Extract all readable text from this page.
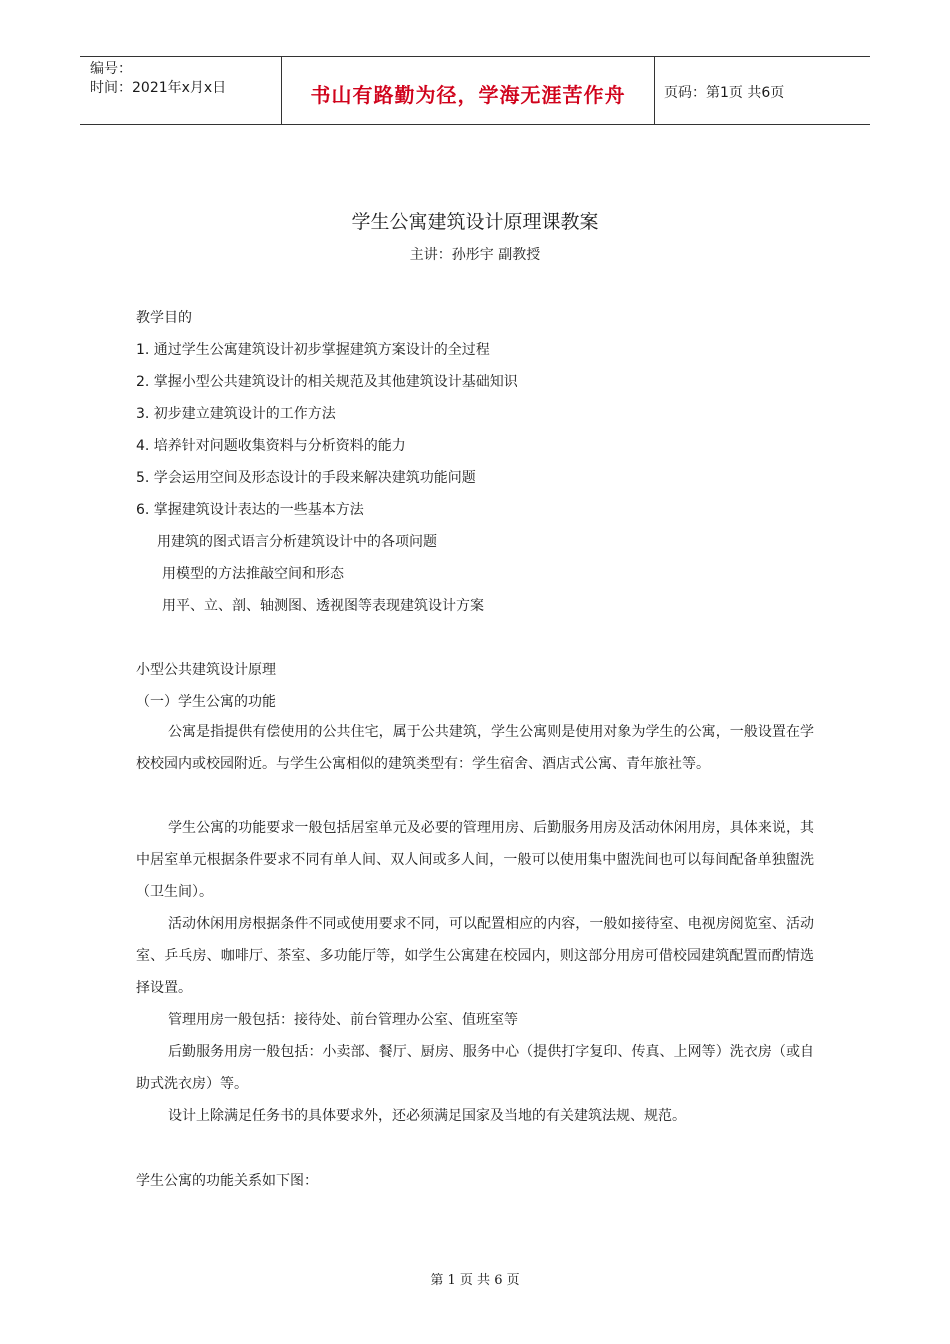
编号：
时间：2021年x月x日	书山有路勤为径，学海无涯苦作舟	页码：第1页 共6页
学生公寓建筑设计原理课教案
主讲：孙彤宇 副教授
教学目的
1. 通过学生公寓建筑设计初步掌握建筑方案设计的全过程
2. 掌握小型公共建筑设计的相关规范及其他建筑设计基础知识
3. 初步建立建筑设计的工作方法
4. 培养针对问题收集资料与分析资料的能力
5. 学会运用空间及形态设计的手段来解决建筑功能问题
6. 掌握建筑设计表达的一些基本方法
用建筑的图式语言分析建筑设计中的各项问题
用模型的方法推敲空间和形态
用平、立、剖、轴测图、透视图等表现建筑设计方案
小型公共建筑设计原理
（一）学生公寓的功能

公寓是指提供有偿使用的公共住宅，属于公共建筑，学生公寓则是使用对象为学生的公寓，一般设置在学校校园内或校园附近。与学生公寓相似的建筑类型有：学生宿舍、酒店式公寓、青年旅社等。

学生公寓的功能要求一般包括居室单元及必要的管理用房、后勤服务用房及活动休闲用房，具体来说，其中居室单元根据条件要求不同有单人间、双人间或多人间，一般可以使用集中盥洗间也可以每间配备单独盥洗（卫生间）。

活动休闲用房根据条件不同或使用要求不同，可以配置相应的内容，一般如接待室、电视房阅览室、活动室、乒乓房、咖啡厅、茶室、多功能厅等，如学生公寓建在校园内，则这部分用房可借校园建筑配置而酌情选择设置。

管理用房一般包括：接待处、前台管理办公室、值班室等

后勤服务用房一般包括：小卖部、餐厅、厨房、服务中心（提供打字复印、传真、上网等）洗衣房（或自助式洗衣房）等。

设计上除满足任务书的具体要求外，还必须满足国家及当地的有关建筑法规、规范。

学生公寓的功能关系如下图：
第 1 页 共 6 页
